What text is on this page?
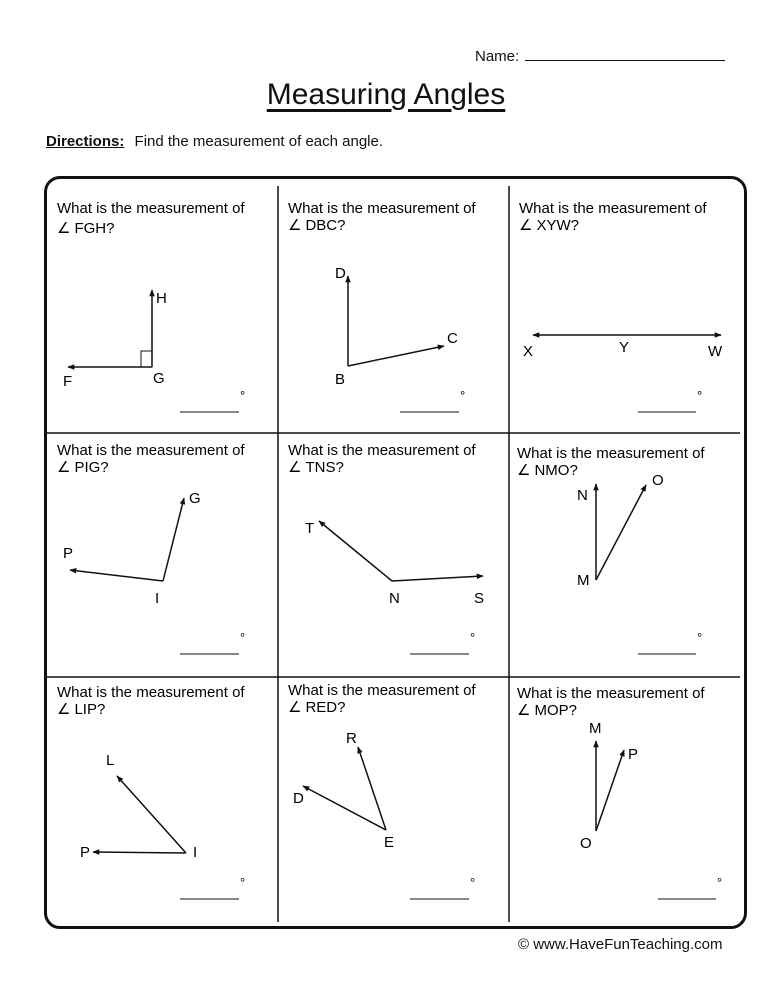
Name:
Measuring Angles
Directions: Find the measurement of each angle.
What is the measurement of
∠ FGH?
F	G
H
°
What is the measurement of
∠ DBC?
D
B
C
°
What is the measurement of
∠ XYW?
X	Y	W
°
What is the measurement of
∠ PIG?
G
P
I
°
What is the measurement of
∠ TNS?
T
N	S
°
What is the measurement of
∠ NMO?
O
N
M
°
What is the measurement of
∠ LIP?
L
P	I
°
What is the measurement of
∠ RED?
R
D
E
°
What is the measurement of
∠ MOP?
M
P
O
°
© www.HaveFunTeaching.com
